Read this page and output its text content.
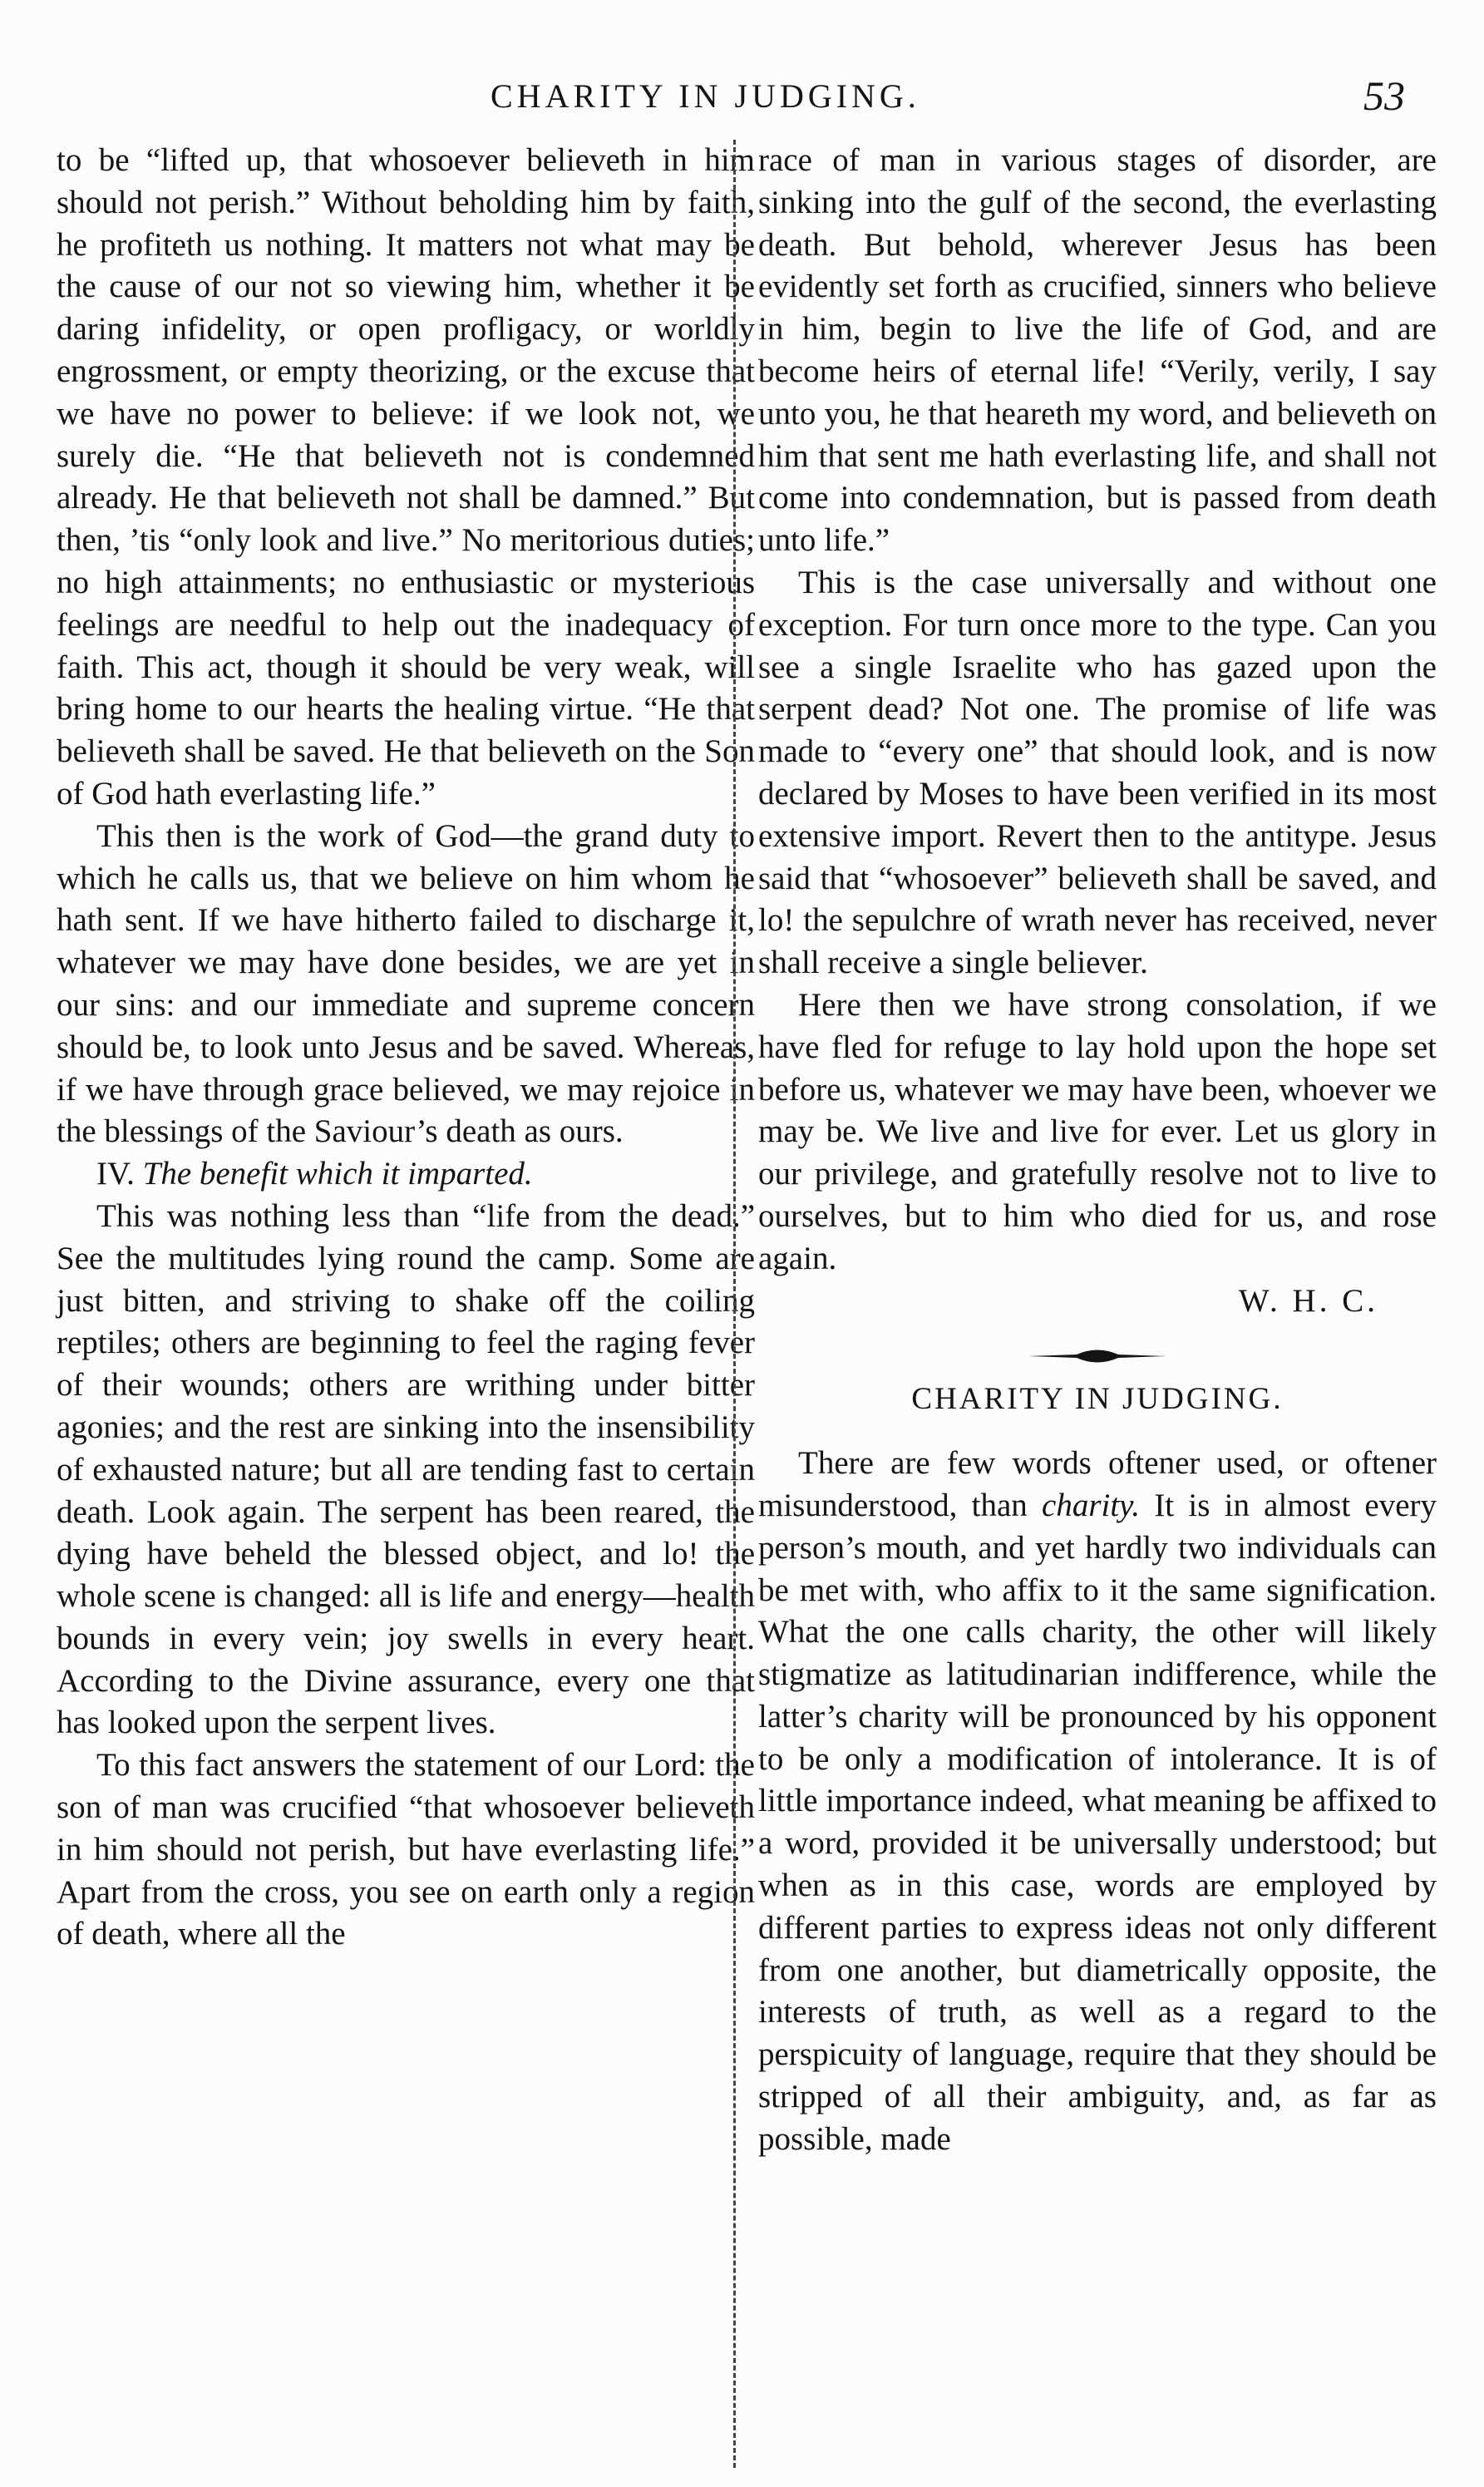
CHARITY IN JUDGING.	53

to be “lifted up, that whosoever believeth in him should not perish.” Without beholding him by faith, he profiteth us nothing. It matters not what may be the cause of our not so viewing him, whether it be daring infidelity, or open profligacy, or worldly engrossment, or empty theorizing, or the excuse that we have no power to believe: if we look not, we surely die. “He that believeth not is condemned already. He that believeth not shall be damned.” But then, ’tis “only look and live.” No meritorious duties; no high attainments; no enthusiastic or mysterious feelings are needful to help out the inadequacy of faith. This act, though it should be very weak, will bring home to our hearts the healing virtue. “He that believeth shall be saved. He that believeth on the Son of God hath everlasting life.”

This then is the work of God—the grand duty to which he calls us, that we believe on him whom he hath sent. If we have hitherto failed to discharge it, whatever we may have done besides, we are yet in our sins: and our immediate and supreme concern should be, to look unto Jesus and be saved. Whereas, if we have through grace believed, we may rejoice in the blessings of the Saviour’s death as ours.

IV. The benefit which it imparted.

This was nothing less than “life from the dead.” See the multitudes lying round the camp. Some are just bitten, and striving to shake off the coiling reptiles; others are beginning to feel the raging fever of their wounds; others are writhing under bitter agonies; and the rest are sinking into the insensibility of exhausted nature; but all are tending fast to certain death. Look again. The serpent has been reared, the dying have beheld the blessed object, and lo! the whole scene is changed: all is life and energy—health bounds in every vein; joy swells in every heart. According to the Divine assurance, every one that has looked upon the serpent lives.

To this fact answers the statement of our Lord: the son of man was crucified “that whosoever believeth in him should not perish, but have everlasting life.” Apart from the cross, you see on earth only a region of death, where all the

race of man in various stages of disorder, are sinking into the gulf of the second, the everlasting death. But behold, wherever Jesus has been evidently set forth as crucified, sinners who believe in him, begin to live the life of God, and are become heirs of eternal life! “Verily, verily, I say unto you, he that heareth my word, and believeth on him that sent me hath everlasting life, and shall not come into condemnation, but is passed from death unto life.”

This is the case universally and without one exception. For turn once more to the type. Can you see a single Israelite who has gazed upon the serpent dead? Not one. The promise of life was made to “every one” that should look, and is now declared by Moses to have been verified in its most extensive import. Revert then to the antitype. Jesus said that “whosoever” believeth shall be saved, and lo! the sepulchre of wrath never has received, never shall receive a single believer.

Here then we have strong consolation, if we have fled for refuge to lay hold upon the hope set before us, whatever we may have been, whoever we may be. We live and live for ever. Let us glory in our privilege, and gratefully resolve not to live to ourselves, but to him who died for us, and rose again.

W. H. C.

CHARITY IN JUDGING.

There are few words oftener used, or oftener misunderstood, than charity. It is in almost every person’s mouth, and yet hardly two individuals can be met with, who affix to it the same signification. What the one calls charity, the other will likely stigmatize as latitudinarian indifference, while the latter’s charity will be pronounced by his opponent to be only a modification of intolerance. It is of little importance indeed, what meaning be affixed to a word, provided it be universally understood; but when as in this case, words are employed by different parties to express ideas not only different from one another, but diametrically opposite, the interests of truth, as well as a regard to the perspicuity of language, require that they should be stripped of all their ambiguity, and, as far as possible, made
